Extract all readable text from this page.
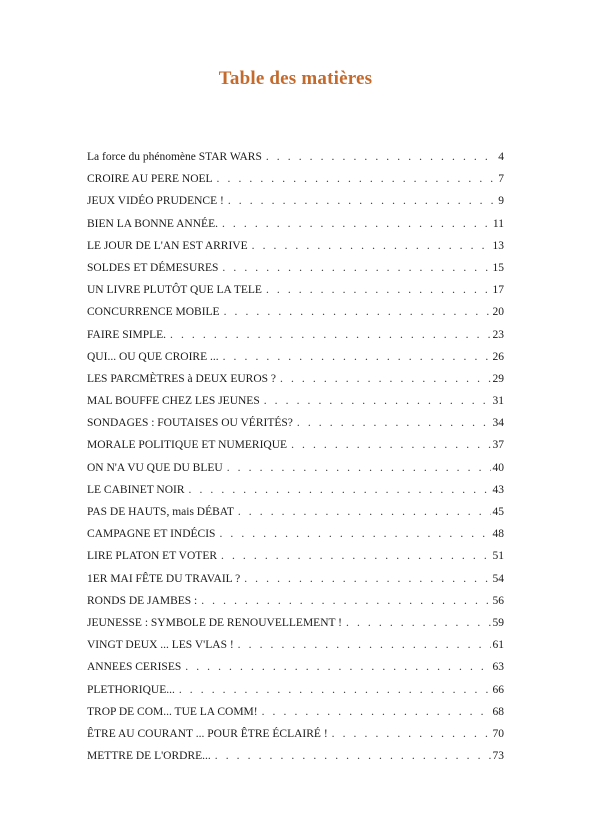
Table des matières
La force du phénomène STAR WARS . . .	4
CROIRE AU PERE NOEL . . .	7
JEUX VIDÉO PRUDENCE ! . . .	9
BIEN LA BONNE ANNÉE. . . .	11
LE JOUR DE L'AN EST ARRIVE . . .	13
SOLDES ET DÉMESURES . . .	15
UN LIVRE PLUTÔT QUE LA TELE . . .	17
CONCURRENCE MOBILE . . .	20
FAIRE SIMPLE. . . .	23
QUI... OU QUE CROIRE ... . . .	26
LES PARCMÈTRES à DEUX EUROS ? . . .	29
MAL BOUFFE CHEZ LES JEUNES . . .	31
SONDAGES : FOUTAISES OU VÉRITÉS? . . .	34
MORALE POLITIQUE ET NUMERIQUE . . .	37
ON N'A VU QUE DU BLEU . . .	40
LE CABINET NOIR . . .	43
PAS DE HAUTS, mais DÉBAT . . .	45
CAMPAGNE ET INDÉCIS . . .	48
LIRE PLATON ET VOTER . . .	51
1ER MAI FÊTE DU TRAVAIL ? . . .	54
RONDS DE JAMBES : . . .	56
JEUNESSE : SYMBOLE DE RENOUVELLEMENT ! . . .	59
VINGT DEUX ... LES V'LAS ! . . .	61
ANNEES CERISES . . .	63
PLETHORIQUE... . . .	66
TROP DE COM... TUE LA COMM! . . .	68
ÊTRE AU COURANT ... POUR ÊTRE ÉCLAIRÉ ! . . .	70
METTRE DE L'ORDRE... . . .	73
